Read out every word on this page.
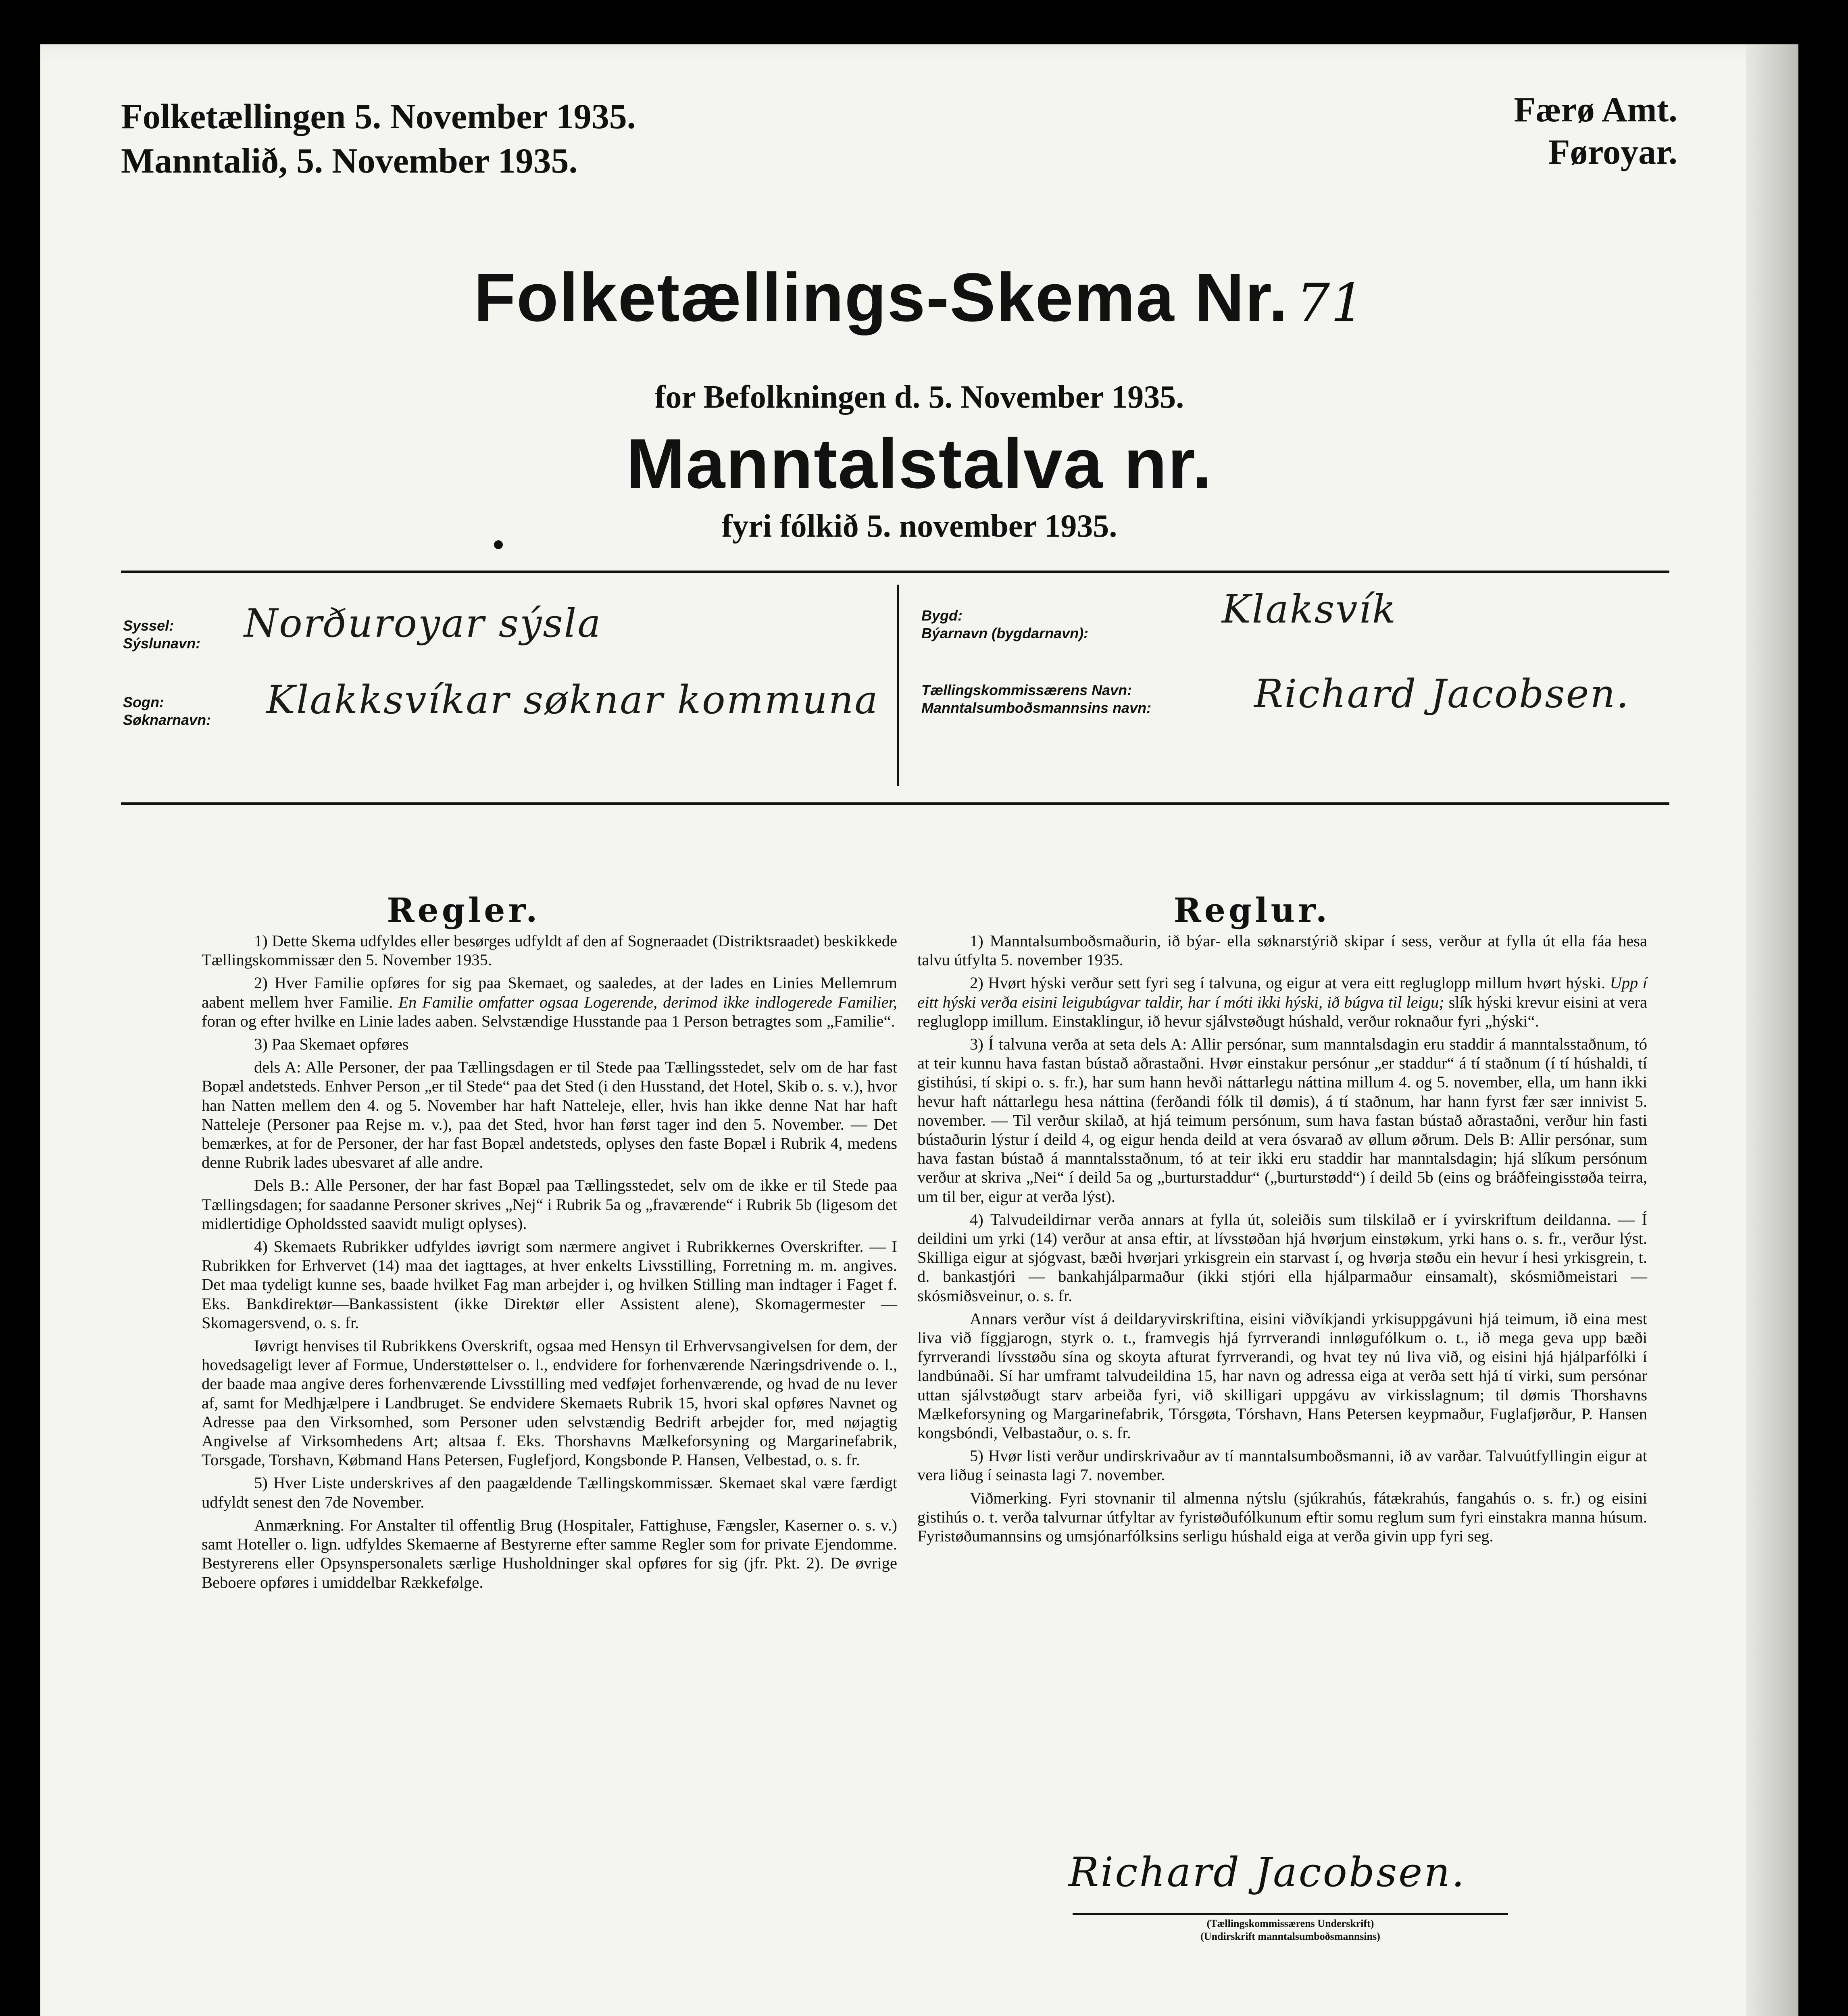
Folketællingen 5. November 1935.
Manntalið, 5. November 1935.
Færø Amt.
Føroyar.
Folketællings-Skema Nr. 71
for Befolkningen d. 5. November 1935.
Manntalstalva nr.
fyri fólkið 5. november 1935.
Syssel:
Sýslunavn: Norðuroyar sýsla
Sogn:
Søknarnavn: Klakksvíkar søknar kommuna
Bygd:
Býarnavn (bygdarnavn):
Klaksvík
Tællingskommissærens Navn:
Manntalsumboðsmannsins navn:	Richard Jacobsen.
Regler.

1) Dette Skema udfyldes eller besørges udfyldt af den af Sogneraadet (Distriktsraadet) beskikkede Tællingskommissær den 5. November 1935.

2) Hver Familie opføres for sig paa Skemaet, og saaledes, at der lades en Linies Mellemrum aabent mellem hver Familie. En Familie omfatter ogsaa Logerende, derimod ikke indlogerede Familier, foran og efter hvilke en Linie lades aaben. Selvstændige Husstande paa 1 Person betragtes som „Familie“.

3) Paa Skemaet opføres

dels A: Alle Personer, der paa Tællingsdagen er til Stede paa Tællingsstedet, selv om de har fast Bopæl andetsteds. Enhver Person „er til Stede“ paa det Sted (i den Husstand, det Hotel, Skib o. s. v.), hvor han Natten mellem den 4. og 5. November har haft Natteleje, eller, hvis han ikke denne Nat har haft Natteleje (Personer paa Rejse m. v.), paa det Sted, hvor han først tager ind den 5. November. — Det bemærkes, at for de Personer, der har fast Bopæl andetsteds, oplyses den faste Bopæl i Rubrik 4, medens denne Rubrik lades ubesvaret af alle andre.

Dels B.: Alle Personer, der har fast Bopæl paa Tællingsstedet, selv om de ikke er til Stede paa Tællingsdagen; for saadanne Personer skrives „Nej“ i Rubrik 5a og „fraværende“ i Rubrik 5b (ligesom det midlertidige Opholdssted saavidt muligt oplyses).

4) Skemaets Rubrikker udfyldes iøvrigt som nærmere angivet i Rubrikkernes Overskrifter. — I Rubrikken for Erhvervet (14) maa det iagttages, at hver enkelts Livsstilling, Forretning m. m. angives. Det maa tydeligt kunne ses, baade hvilket Fag man arbejder i, og hvilken Stilling man indtager i Faget f. Eks. Bankdirektør—Bankassistent (ikke Direktør eller Assistent alene), Skomagermester — Skomagersvend, o. s. fr.

Iøvrigt henvises til Rubrikkens Overskrift, ogsaa med Hensyn til Erhvervsangivelsen for dem, der hovedsageligt lever af Formue, Understøttelser o. l., endvidere for forhenværende Næringsdrivende o. l., der baade maa angive deres forhenværende Livsstilling med vedføjet forhenværende, og hvad de nu lever af, samt for Medhjælpere i Landbruget. Se endvidere Skemaets Rubrik 15, hvori skal opføres Navnet og Adresse paa den Virksomhed, som Personer uden selvstændig Bedrift arbejder for, med nøjagtig Angivelse af Virksomhedens Art; altsaa f. Eks. Thorshavns Mælkeforsyning og Margarinefabrik, Torsgade, Torshavn, Købmand Hans Petersen, Fuglefjord, Kongsbonde P. Hansen, Velbestad, o. s. fr.

5) Hver Liste underskrives af den paagældende Tællingskommissær. Skemaet skal være færdigt udfyldt senest den 7de November.

Anmærkning. For Anstalter til offentlig Brug (Hospitaler, Fattighuse, Fængsler, Kaserner o. s. v.) samt Hoteller o. lign. udfyldes Skemaerne af Bestyrerne efter samme Regler som for private Ejendomme. Bestyrerens eller Opsynspersonalets særlige Husholdninger skal opføres for sig (jfr. Pkt. 2). De øvrige Beboere opføres i umiddelbar Rækkefølge.

Reglur.

1) Manntalsumboðsmaðurin, ið býar- ella søknarstýrið skipar í sess, verður at fylla út ella fáa hesa talvu útfylta 5. november 1935.

2) Hvørt hýski verður sett fyri seg í talvuna, og eigur at vera eitt regluglopp millum hvørt hýski. Upp í eitt hýski verða eisini leigubúgvar taldir, har í móti ikki hýski, ið búgva til leigu; slík hýski krevur eisini at vera regluglopp imillum. Einstaklingur, ið hevur sjálvstøðugt húshald, verður roknaður fyri „hýski“.

3) Í talvuna verða at seta dels A: Allir persónar, sum manntalsdagin eru staddir á manntalsstaðnum, tó at teir kunnu hava fastan bústað aðrastaðni. Hvør einstakur persónur „er staddur“ á tí staðnum (í tí húshaldi, tí gistihúsi, tí skipi o. s. fr.), har sum hann hevði náttarlegu náttina millum 4. og 5. november, ella, um hann ikki hevur haft náttarlegu hesa náttina (ferðandi fólk til dømis), á tí staðnum, har hann fyrst fær sær innivist 5. november. — Til verður skilað, at hjá teimum persónum, sum hava fastan bústað aðrastaðni, verður hin fasti bústaðurin lýstur í deild 4, og eigur henda deild at vera ósvarað av øllum øðrum. Dels B: Allir persónar, sum hava fastan bústað á manntalsstaðnum, tó at teir ikki eru staddir har manntalsdagin; hjá slíkum persónum verður at skriva „Nei“ í deild 5a og „burturstaddur“ („burturstødd“) í deild 5b (eins og bráðfeingisstøða teirra, um til ber, eigur at verða lýst).

4) Talvudeildirnar verða annars at fylla út, soleiðis sum tilskilað er í yvirskriftum deildanna. — Í deildini um yrki (14) verður at ansa eftir, at lívsstøðan hjá hvørjum einstøkum, yrki hans o. s. fr., verður lýst. Skilliga eigur at sjógvast, bæði hvørjari yrkisgrein ein starvast í, og hvørja støðu ein hevur í hesi yrkisgrein, t. d. bankastjóri — bankahjálparmaður (ikki stjóri ella hjálparmaður einsamalt), skósmiðmeistari — skósmiðsveinur, o. s. fr.

Annars verður víst á deildaryvirskriftina, eisini viðvíkjandi yrkisuppgávuni hjá teimum, ið eina mest liva við fíggjarogn, styrk o. t., framvegis hjá fyrrverandi innløgufólkum o. t., ið mega geva upp bæði fyrrverandi lívsstøðu sína og skoyta afturat fyrrverandi, og hvat tey nú liva við, og eisini hjá hjálparfólki í landbúnaði. Sí har umframt talvudeildina 15, har navn og adressa eiga at verða sett hjá tí virki, sum persónar uttan sjálvstøðugt starv arbeiða fyri, við skilligari uppgávu av virkisslagnum; til dømis Thorshavns Mælkeforsyning og Margarinefabrik, Tórsgøta, Tórshavn, Hans Petersen keypmaður, Fuglafjørður, P. Hansen kongsbóndi, Velbastaður, o. s. fr.

5) Hvør listi verður undirskrivaður av tí manntalsumboðsmanni, ið av varðar. Talvuútfyllingin eigur at vera liðug í seinasta lagi 7. november.

Viðmerking. Fyri stovnanir til almenna nýtslu (sjúkrahús, fátækrahús, fangahús o. s. fr.) og eisini gistihús o. t. verða talvurnar útfyltar av fyristøðufólkunum eftir somu reglum sum fyri einstakra manna húsum. Fyristøðumannsins og umsjónarfólksins serligu húshald eiga at verða givin upp fyri seg.

Richard Jacobsen.
(Tællingskommissærens Underskrift)
(Undirskrift manntalsumboðsmannsins)
